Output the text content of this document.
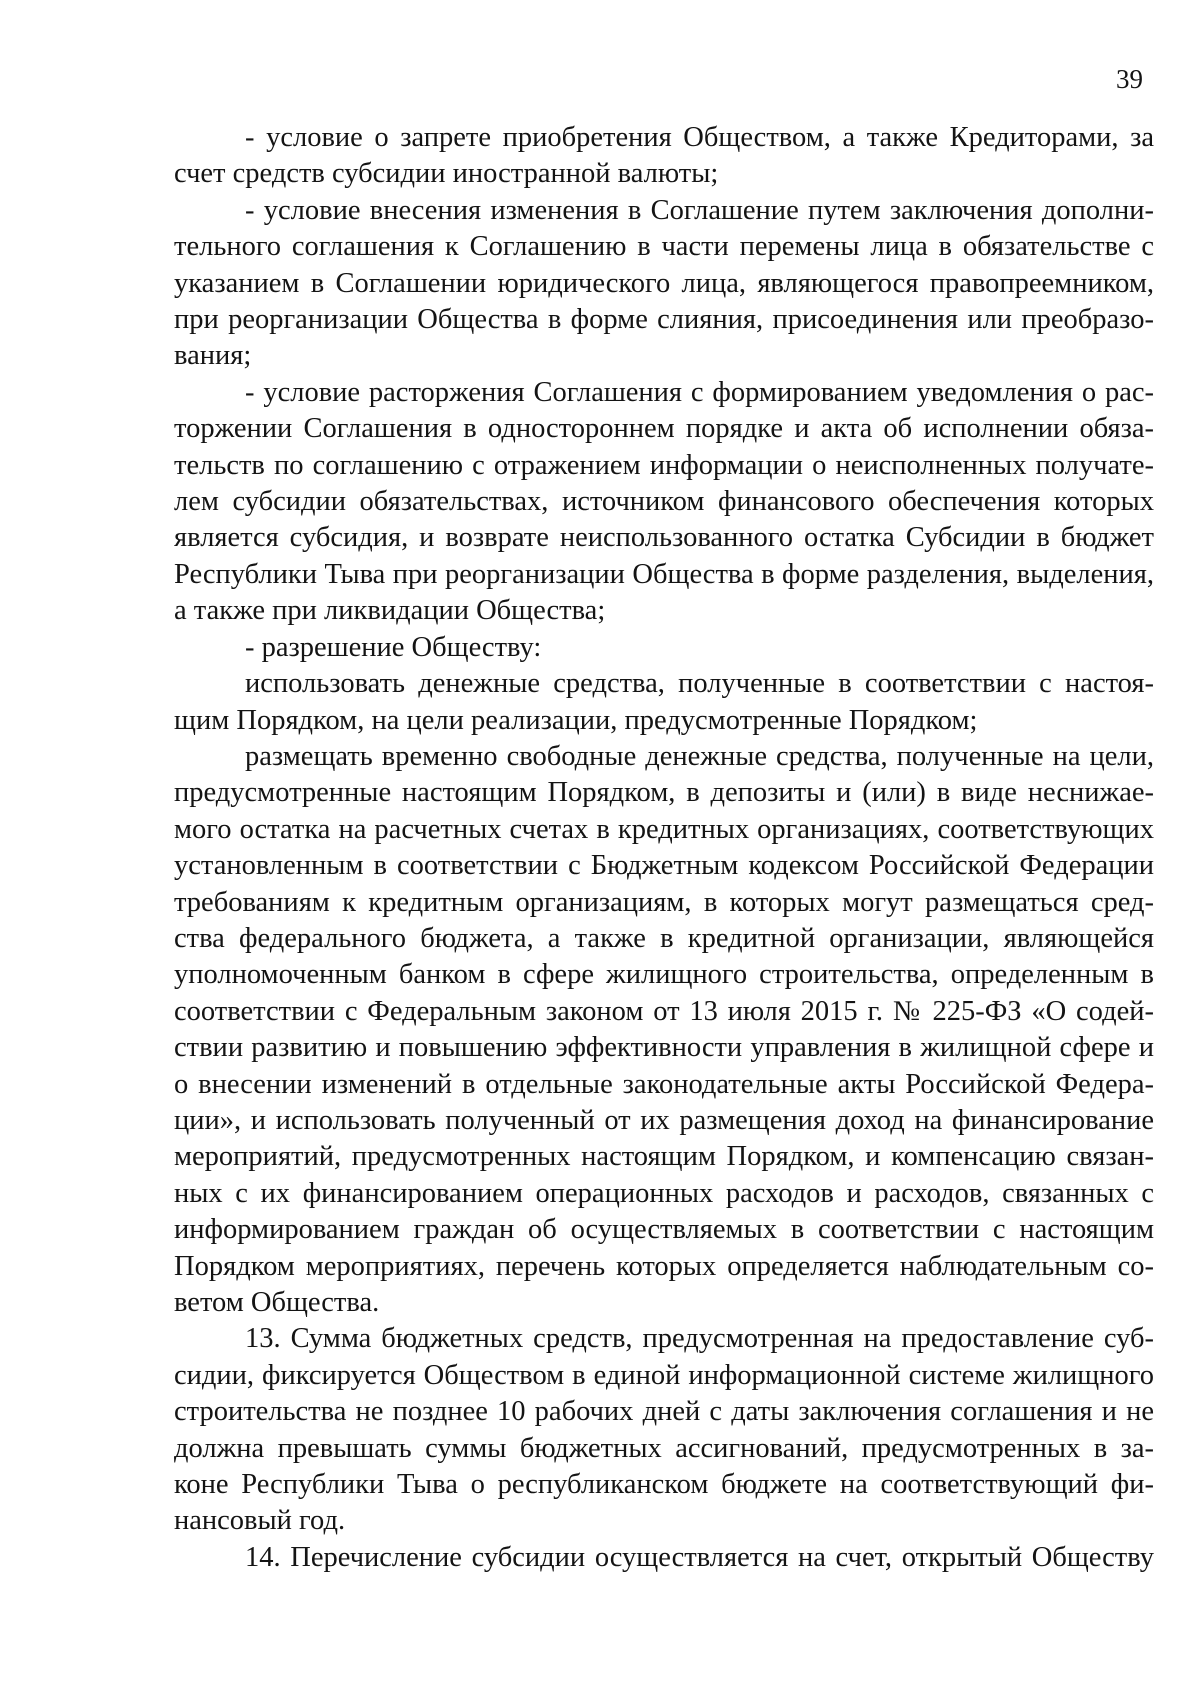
39
- условие о запрете приобретения Обществом, а также Кредиторами, за
счет средств субсидии иностранной валюты;
- условие внесения изменения в Соглашение путем заключения дополни-
тельного соглашения к Соглашению в части перемены лица в обязательстве с
указанием в Соглашении юридического лица, являющегося правопреемником,
при реорганизации Общества в форме слияния, присоединения или преобразо-
вания;
- условие расторжения Соглашения с формированием уведомления о рас-
торжении Соглашения в одностороннем порядке и акта об исполнении обяза-
тельств по соглашению с отражением информации о неисполненных получате-
лем субсидии обязательствах, источником финансового обеспечения которых
является субсидия, и возврате неиспользованного остатка Субсидии в бюджет
Республики Тыва при реорганизации Общества в форме разделения, выделения,
а также при ликвидации Общества;
- разрешение Обществу:
использовать денежные средства, полученные в соответствии с настоя-
щим Порядком, на цели реализации, предусмотренные Порядком;
размещать временно свободные денежные средства, полученные на цели,
предусмотренные настоящим Порядком, в депозиты и (или) в виде неснижае-
мого остатка на расчетных счетах в кредитных организациях, соответствующих
установленным в соответствии с Бюджетным кодексом Российской Федерации
требованиям к кредитным организациям, в которых могут размещаться сред-
ства федерального бюджета, а также в кредитной организации, являющейся
уполномоченным банком в сфере жилищного строительства, определенным в
соответствии с Федеральным законом от 13 июля 2015 г. № 225-ФЗ «О содей-
ствии развитию и повышению эффективности управления в жилищной сфере и
о внесении изменений в отдельные законодательные акты Российской Федера-
ции», и использовать полученный от их размещения доход на финансирование
мероприятий, предусмотренных настоящим Порядком, и компенсацию связан-
ных с их финансированием операционных расходов и расходов, связанных с
информированием граждан об осуществляемых в соответствии с настоящим
Порядком мероприятиях, перечень которых определяется наблюдательным со-
ветом Общества.
13. Сумма бюджетных средств, предусмотренная на предоставление суб-
сидии, фиксируется Обществом в единой информационной системе жилищного
строительства не позднее 10 рабочих дней с даты заключения соглашения и не
должна превышать суммы бюджетных ассигнований, предусмотренных в за-
коне Республики Тыва о республиканском бюджете на соответствующий фи-
нансовый год.
14. Перечисление субсидии осуществляется на счет, открытый Обществу
